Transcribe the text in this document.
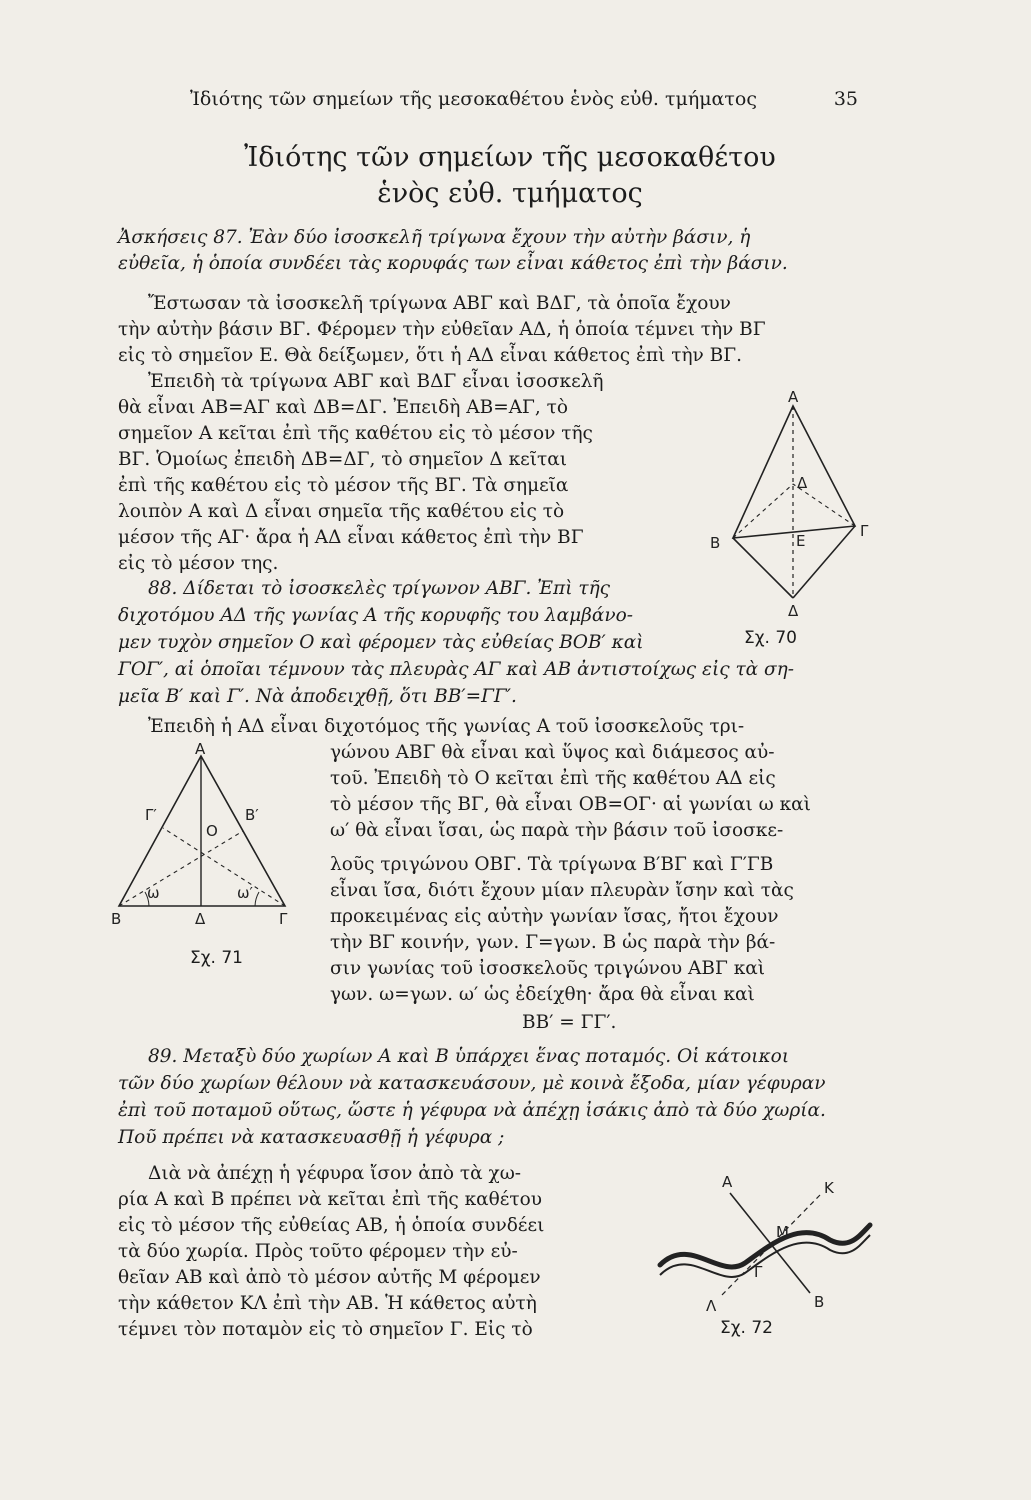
Ἰδιότης τῶν σημείων τῆς μεσοκαθέτου ἑνὸς εὐθ. τμήματος	35
Ἰδιότης τῶν σημείων τῆς μεσοκαθέτου
ἑνὸς εὐθ. τμήματος
Ἀσκήσεις 87. Ἐὰν δύο ἰσοσκελῆ τρίγωνα ἔχουν τὴν αὐτὴν βάσιν, ἡ
εὐθεῖα, ἡ ὁποία συνδέει τὰς κορυφάς των εἶναι κάθετος ἐπὶ τὴν βάσιν.
Ἔστωσαν τὰ ἰσοσκελῆ τρίγωνα ΑΒΓ καὶ ΒΔΓ, τὰ ὁποῖα ἔχουν
τὴν αὐτὴν βάσιν ΒΓ. Φέρομεν τὴν εὐθεῖαν ΑΔ, ἡ ὁποία τέμνει τὴν ΒΓ
εἰς τὸ σημεῖον Ε. Θὰ δείξωμεν, ὅτι ἡ ΑΔ εἶναι κάθετος ἐπὶ τὴν ΒΓ.
Ἐπειδὴ τὰ τρίγωνα ΑΒΓ καὶ ΒΔΓ εἶναι ἰσοσκελῆ
θὰ εἶναι ΑΒ=ΑΓ καὶ ΔΒ=ΔΓ. Ἐπειδὴ ΑΒ=ΑΓ, τὸ
σημεῖον Α κεῖται ἐπὶ τῆς καθέτου εἰς τὸ μέσον τῆς
ΒΓ. Ὁμοίως ἐπειδὴ ΔΒ=ΔΓ, τὸ σημεῖον Δ κεῖται
ἐπὶ τῆς καθέτου εἰς τὸ μέσον τῆς ΒΓ. Τὰ σημεῖα
λοιπὸν Α καὶ Δ εἶναι σημεῖα τῆς καθέτου εἰς τὸ
μέσον τῆς ΑΓ· ἄρα ἡ ΑΔ εἶναι κάθετος ἐπὶ τὴν ΒΓ
εἰς τὸ μέσον της.
Α
Β
Γ
Δ
Ε
Δ
Σχ. 70
88. Δίδεται τὸ ἰσοσκελὲς τρίγωνον ΑΒΓ. Ἐπὶ τῆς
διχοτόμου ΑΔ τῆς γωνίας Α τῆς κορυφῆς του λαμβάνο-
μεν τυχὸν σημεῖον Ο καὶ φέρομεν τὰς εὐθείας ΒΟΒ′ καὶ
ΓΟΓ′, αἱ ὁποῖαι τέμνουν τὰς πλευρὰς ΑΓ καὶ ΑΒ ἀντιστοίχως εἰς τὰ ση-
μεῖα Β′ καὶ Γ′. Νὰ ἀποδειχθῇ, ὅτι ΒΒ′=ΓΓ′.
Ἐπειδὴ ἡ ΑΔ εἶναι διχοτόμος τῆς γωνίας Α τοῦ ἰσοσκελοῦς τρι-
γώνου ΑΒΓ θὰ εἶναι καὶ ὕψος καὶ διάμεσος αὐ-
τοῦ. Ἐπειδὴ τὸ Ο κεῖται ἐπὶ τῆς καθέτου ΑΔ εἰς
τὸ μέσον τῆς ΒΓ, θὰ εἶναι ΟΒ=ΟΓ· αἱ γωνίαι ω καὶ
ω′ θὰ εἶναι ἴσαι, ὡς παρὰ τὴν βάσιν τοῦ ἰσοσκε-
λοῦς τριγώνου ΟΒΓ. Τὰ τρίγωνα Β′ΒΓ καὶ Γ′ΓΒ
εἶναι ἴσα, διότι ἔχουν μίαν πλευρὰν ἴσην καὶ τὰς
προκειμένας εἰς αὐτὴν γωνίαν ἴσας, ἤτοι ἔχουν
τὴν ΒΓ κοινήν, γων. Γ=γων. Β ὡς παρὰ τὴν βά-
σιν γωνίας τοῦ ἰσοσκελοῦς τριγώνου ΑΒΓ καὶ
γων. ω=γων. ω′ ὡς ἐδείχθη· ἄρα θὰ εἶναι καὶ
ΒΒ′ = ΓΓ′.
Α
Γ′	Β′
Ο
ω	ω′
Β	Δ	Γ
Σχ. 71
89. Μεταξὺ δύο χωρίων Α καὶ Β ὑπάρχει ἕνας ποταμός. Οἱ κάτοικοι
τῶν δύο χωρίων θέλουν νὰ κατασκευάσουν, μὲ κοινὰ ἔξοδα, μίαν γέφυραν
ἐπὶ τοῦ ποταμοῦ οὕτως, ὥστε ἡ γέφυρα νὰ ἀπέχῃ ἰσάκις ἀπὸ τὰ δύο χωρία.
Ποῦ πρέπει νὰ κατασκευασθῇ ἡ γέφυρα ;
Διὰ νὰ ἀπέχῃ ἡ γέφυρα ἴσον ἀπὸ τὰ χω-
ρία Α καὶ Β πρέπει νὰ κεῖται ἐπὶ τῆς καθέτου
εἰς τὸ μέσον τῆς εὐθείας ΑΒ, ἡ ὁποία συνδέει
τὰ δύο χωρία. Πρὸς τοῦτο φέρομεν τὴν εὐ-
θεῖαν ΑΒ καὶ ἀπὸ τὸ μέσον αὐτῆς Μ φέρομεν
τὴν κάθετον ΚΛ ἐπὶ τὴν ΑΒ. Ἡ κάθετος αὐτὴ
τέμνει τὸν ποταμὸν εἰς τὸ σημεῖον Γ. Εἰς τὸ
Α
Β
Κ
Λ
Μ
Γ
Σχ. 72
